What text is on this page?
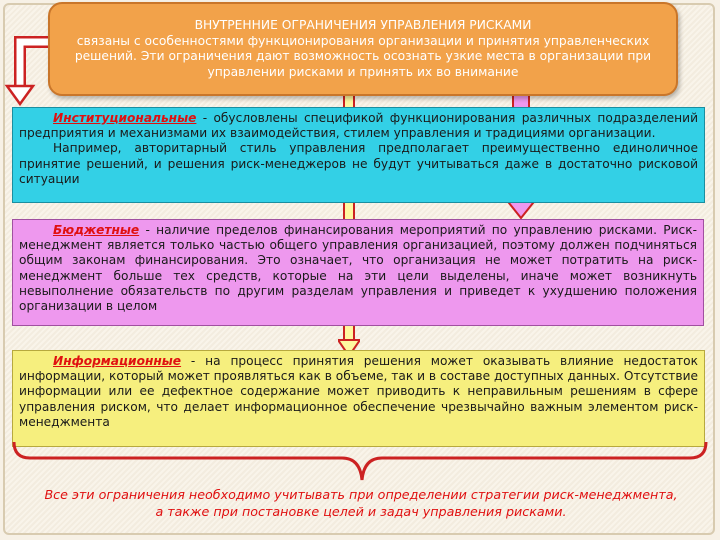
ВНУТРЕННИЕ ОГРАНИЧЕНИЯ УПРАВЛЕНИЯ РИСКАМИ
связаны с особенностями функционирования организации и принятия управленческих
решений. Эти ограничения дают возможность осознать узкие места в организации при
управлении рисками и принять их во внимание

Институциональные - обусловлены спецификой функционирования различных подразделений предприятия и механизмами их взаимодействия, стилем управления и традициями организации.

Например, авторитарный стиль управления предполагает преимущественно единоличное принятие решений, и решения риск-менеджеров не будут учитываться даже в достаточно рисковой ситуации

Бюджетные - наличие пределов финансирования мероприятий по управлению рисками. Риск-менеджмент является только частью общего управления организацией, поэтому должен подчиняться общим законам финансирования. Это означает, что организация не может потратить на риск-менеджмент больше тех средств, которые на эти цели выделены, иначе может возникнуть невыполнение обязательств по другим разделам управления и приведет к ухудшению положения организации в целом

Информационные - на процесс принятия решения может оказывать влияние недостаток информации, который может проявляться как в объеме, так и в составе доступных данных. Отсутствие информации или ее дефектное содержание может приводить к неправильным решениям в сфере управления риском, что делает информационное обеспечение чрезвычайно важным элементом риск-менеджмента

Все эти ограничения необходимо учитывать при определении стратегии риск-менеджмента,
а также при постановке целей и задач управления рисками.
